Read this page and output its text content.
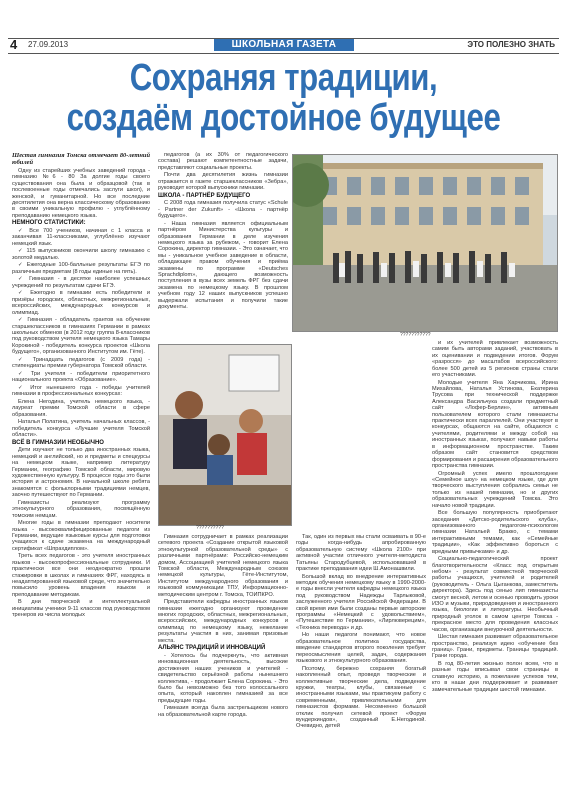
4 27.09.2013	ШКОЛЬНАЯ ГАЗЕТА	ЭТО ПОЛЕЗНО ЗНАТЬ
Сохраняя традиции,
создаём достойное будущее

Шестая гимназия Томска отмечает 80-летний юбилей

Одну из старейших учебных заведений города - гимназию №6 - 80 За долгие годы своего существования она была и образцовой (так в послевоенные годы отмечались заслуги школ), и женской, и гуманитарной. Но все последние десятилетия она верна классическому образованию в своими уникальную профилю - углублённому преподаванию немецкого языка.

НЕМНОГО СТАТИСТИКИ:

✓ Все 700 учеников, начиная с 1 класса и заканчивая 11-классниками, углублённо изучают немецкий язык.

✓ 115 выпускников окончили школу гимназию с золотой медалью.

✓ Ежегодные 100-балльные результаты ЕГЭ по различным предметам (8 годы единые на пять).

✓ Гимназия - в десятке наиболее успешных учреждений по результатам сдачи ЕГЭ.

✓ Ежегодно в гимназии есть победители и призёры городских, областных, межрегиональных, всероссийских, международных конкурсов и олимпиад.

✓ Гимназия - обладатель грантов на обучение старшеклассников в гимназиях Германии в рамках школьных обменов (в 2012 году группа 8-классников под руководством учителя немецкого языка Тамары Корокиной - победитель конкурса проектов «Школа будущего», организованного Институтом им. Гёте).

✓ Тринадцать педагогов (с 2009 года) - стипендиаты премии губернатора Томской области.

✓ Три учителя - победители приоритетного национального проекта «Образование».

✓ Итог нынешнего года - победы учителей гимназии в профессиональных конкурсах:

Елена Негодина, учитель немецкого языка, - лауреат премии Томской области в сфере образования.

Наталья Полатина, учитель начальных классов, - победитель конкурса «Лучшие учителя Томской области».

ВСЁ В ГИМНАЗИИ НЕОБЫЧНО

Дети изучают не только два иностранных языка, немецкий и английский, но и предметы и спецкурсы на немецком языке, например литературу Германии, географию Томской области, мировую художественную культуру. В процессе годы это были история и астрономия. В начальной школе ребята знакомятся с фольклорными традициями немцев, заочно путешествуют по Германии.

Гимназисты реализуют программу этнокультурного образования, посвящённую томским немцам.

Многие годы в гимназии преподают носители языка - высококвалифицированные педагоги из Германии, ведущие языковые курсы для подготовки учащихся к сдаче экзамена на международный сертификат «Шпрахдиплом».

Треть всех педагогов - это учителя иностранных языков - высокопрофессиональные сотрудники. И практически все они неоднократно прошли стажировки в школах и гимназиях ФРГ, находясь в неадаптированной языковой среде, что значительно повысило уровень владения языком и преподавание методикам.

В дни творческой и интеллектуальной инициативы ученики 9-11 классов под руководством тренеров из числа молодых

педагогов (а их 30% от педагогического состава) решают компетентностные задачи, представляют социальные проекты.

Почти два десятилетия жизнь гимназии отражается в газете старшеклассников «Зебра», руководит которой выпускники гимназии.

ШКОЛА - ПАРТНЁР БУДУЩЕГО

С 2008 года гимназия получила статус «Schule - Partner der Zukunft» - «Школа - партнёр будущего».

- Наша гимназия является официальным партнёром Министерства культуры и образования Германии в деле изучения немецкого языка за рубежом, - говорит Елена Сорокина, директор гимназии. - Это означает, что мы - уникальное учебное заведение в области, обладающее правом обучения и приёма экзамены по программе «Deutsches Sprachdiplom», дающего возможность поступления в вузы всех земель ФРГ без сдачи экзамена по немецкому языку. В прошлом учебном году 12 наших выпускников успешно выдержали испытания и получили такие документы.

???????????
??????????

Гимназия сотрудничает в рамках реализации сетевого проекта «Создание открытой языковой этнокультурной образовательной среды» с различными партнёрами: Российско-немецким домом, Ассоциацией учителей немецкого языка Томской области, Международным союзом немецкой культуры, Гёте-Институтом, Институтом международного образования и языковой коммуникации ТПУ, Информационно-методическим центром г. Томска, ТОИПКРО.

Представители кафедры иностранных языков гимназии ежегодно организуют проведение многих городских, областных, межрегиональных, всероссийских, международных конкурсов и олимпиад по немецкому языку, нежелание результаты участия в них, занимая призовые места.

АЛЬЯНС ТРАДИЦИЙ И ИННОВАЦИЙ

- Хотелось бы подчеркнуть, что активная инновационная деятельность, высокие достижения наших учеников и учителей - свидетельство серьёзной работы нынешнего коллектива, - продолжает Елена Сорокина. - Это было бы невозможно без того колоссального опыта, который накоплен гимназией за все предыдущие годы.

Гимназия всегда была застрельщиком нового на образовательной карте города.

Так, один из первых мы стали осваивать в 90-е годы когда-нибудь апробированную образовательную систему «Школа 2100» при активной участии отличного учителя-методиста Татьяны Стародубцевой, использовавшей в практике преподавания идеи Ш.Амонашвили.

Большой вклад во внедрение интерактивных методик обучения немецкому языку в 1990-2000-е годы внесли учителя кафедры немецкого языка под руководством Надежды Тарлыковой, заслуженного учителя Российской Федерации. В свой время ими были созданы первые авторские программы «Немецкий с удовольствием», «Путешествие по Германии», «Лирлюверецим», «Техника перевода» и др.

Но наши педагоги понимают, что новое образовательное политика государства, введение стандартов второго поколения требует переосмысления целей, задач, содержания языкового и этнокультурного образования.

Поэтому, бережно сохраняя богатый накопленный опыт, проведя творческие и коллективные творческие дела, подведение кружки, театры, клубы, связанные с иностранными языками, мы практикуем работу с современными, привлекательными для гимназистов формами. Несомненно большой отклик получил сетевой проект «Форум вундеркиндов», созданный Е.Негодиной. Очевидно, детей

и их учителей привлекает возможность самим быть авторами заданий, участвовать в их оценивании и подведении итогов. Форум «разросся» до масштабов всероссийского: более 500 детей из 5 регионов страны стали его участниками.

Молодые учителя Яна Харчикова, Ирина Михайлова, Наталья Устинова, Екатерина Трусова при технической поддержке Александра Васильчука создали предметный сайт «Лофер-Берлин», активным пользователем которого стали гимназисты практически всех параллелей. Они участвуют в конкурсах, общаются на сайте, общаются с учителями, родителями и между собой на иностранных языках, получают навыки работы в информационном пространстве. Таким образом сайт становится средством формирования и расширения образовательного пространства гимназии.

Огромный успех имело прошлогоднее «Семейное шоу» на немецком языке, где для творческого выступления собрались семьи не только из нашей гимназии, но и других образовательных учреждений Томска. Это начало новой традиции.

Все большую популярность приобретают заседания «Детско-родительского клуба», организованного педагогом-психологом гимназии Натальей Бракко, с темами интерактивными темами, как «Семейные традиции», «Как эффективно бороться с вредными привычками» и др.

Социально-педагогический проект благотворительности «Класс под открытым небом» - результат совместной творческой работы учащихся, учителей и родителей (руководитель - Ольга Цыганкова, заместитель директора). Здесь под сенью лип гимназисты смогут весной, летом и осенью проводить уроки ИЗО и музыки, природоведения и иностранного языка, биологии и литературы. Необычный природный уголок в самом центре Томска - прекрасное место для проведения классных часов, организации внеурочной деятельности.

Шестая гимназия развивает образовательное пространство, реализуя идею «обучение без границ». Грани, предметы. Границы традиций. Грани города.

В год 80-летия жизнью полон всем, что в разные годы вписывал свои страницы в славную историю, а пожелание успехов тем, кто в наши дни поддерживает и развивает замечательные традиции шестой гимназии.
